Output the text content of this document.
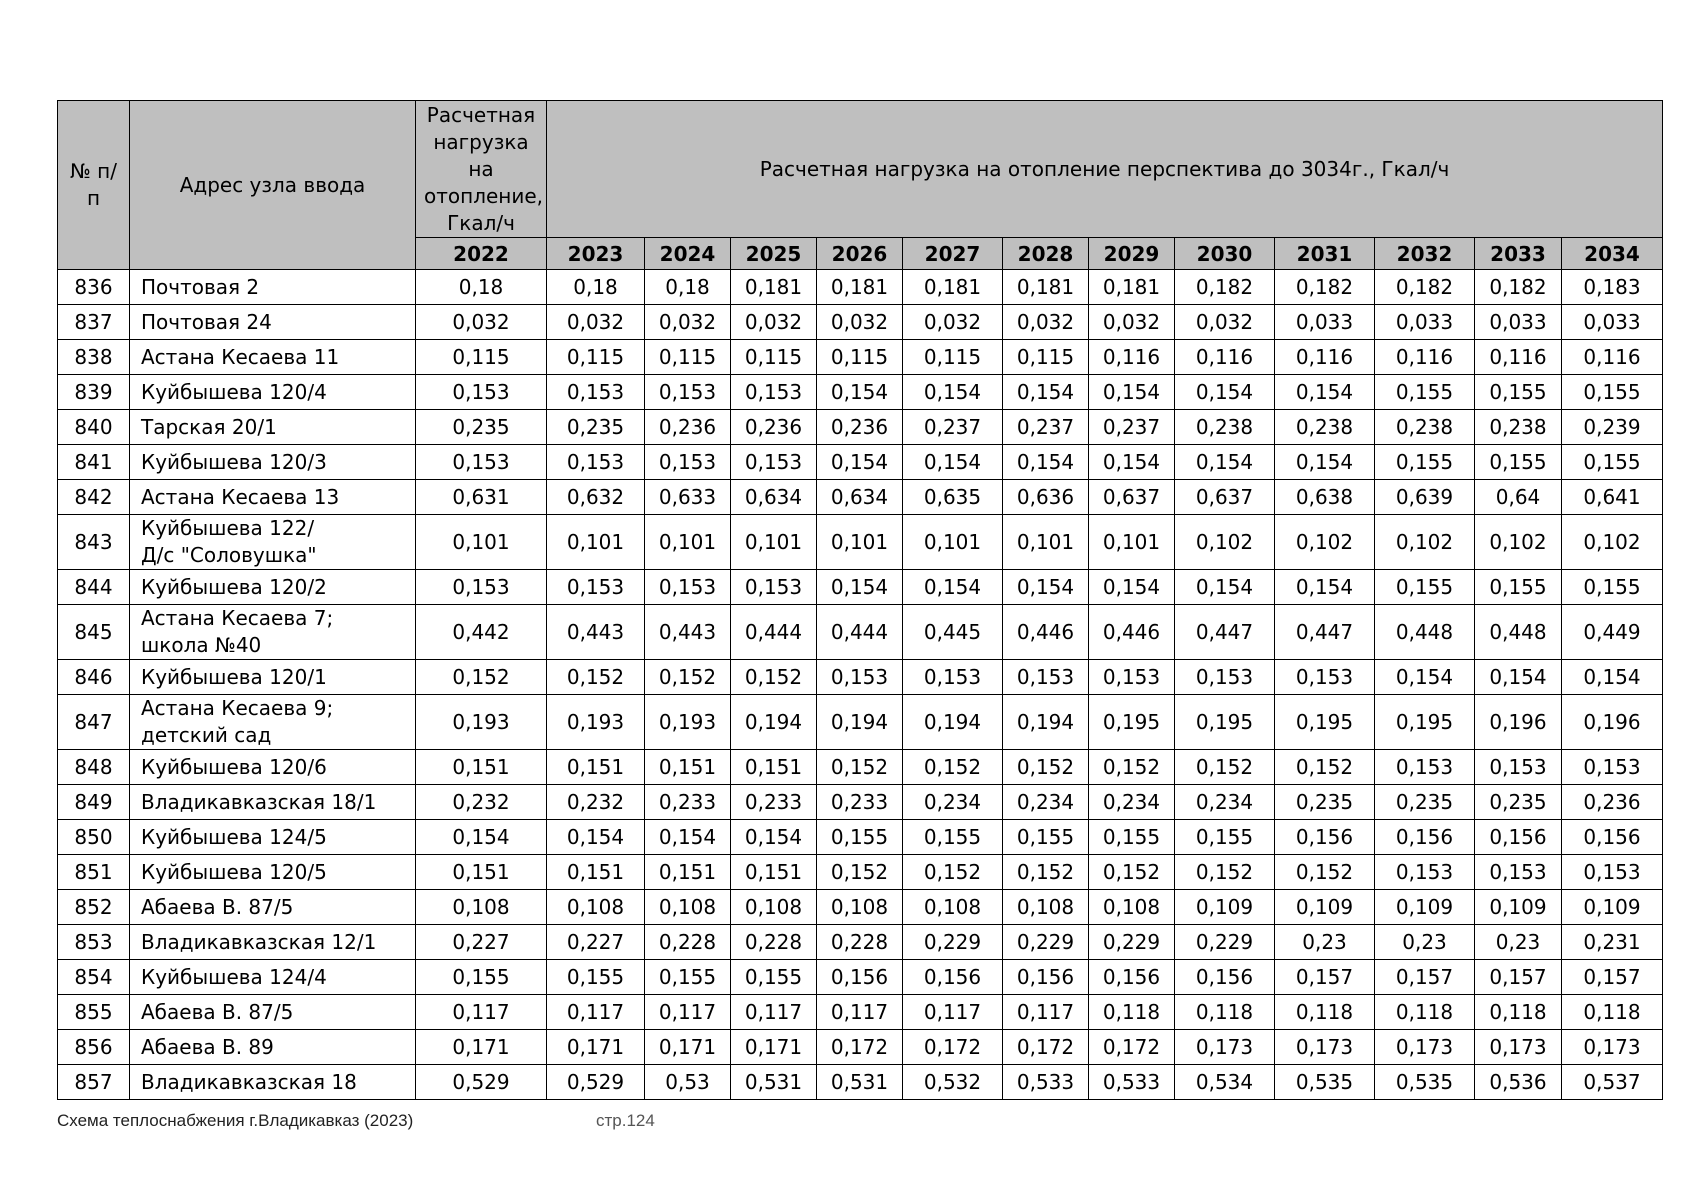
№ п/п	Адрес узла ввода	Расчетная нагрузка на отопление, Гкал/ч	Расчетная нагрузка на отопление перспектива до 3034г., Гкал/ч											
		2022	2023	2024	2025	2026	2027	2028	2029	2030	2031	2032	2033	2034
836	Почтовая 2	0,18	0,18	0,18	0,181	0,181	0,181	0,181	0,181	0,182	0,182	0,182	0,182	0,183
837	Почтовая 24	0,032	0,032	0,032	0,032	0,032	0,032	0,032	0,032	0,032	0,033	0,033	0,033	0,033
838	Астана Кесаева 11	0,115	0,115	0,115	0,115	0,115	0,115	0,115	0,116	0,116	0,116	0,116	0,116	0,116
839	Куйбышева 120/4	0,153	0,153	0,153	0,153	0,154	0,154	0,154	0,154	0,154	0,154	0,155	0,155	0,155
840	Тарская 20/1	0,235	0,235	0,236	0,236	0,236	0,237	0,237	0,237	0,238	0,238	0,238	0,238	0,239
841	Куйбышева 120/3	0,153	0,153	0,153	0,153	0,154	0,154	0,154	0,154	0,154	0,154	0,155	0,155	0,155
842	Астана Кесаева 13	0,631	0,632	0,633	0,634	0,634	0,635	0,636	0,637	0,637	0,638	0,639	0,64	0,641
843	Куйбышева 122/
Д/с "Соловушка"	0,101	0,101	0,101	0,101	0,101	0,101	0,101	0,101	0,102	0,102	0,102	0,102	0,102
844	Куйбышева 120/2	0,153	0,153	0,153	0,153	0,154	0,154	0,154	0,154	0,154	0,154	0,155	0,155	0,155
845	Астана Кесаева 7;
школа №40	0,442	0,443	0,443	0,444	0,444	0,445	0,446	0,446	0,447	0,447	0,448	0,448	0,449
846	Куйбышева 120/1	0,152	0,152	0,152	0,152	0,153	0,153	0,153	0,153	0,153	0,153	0,154	0,154	0,154
847	Астана Кесаева 9;
детский сад	0,193	0,193	0,193	0,194	0,194	0,194	0,194	0,195	0,195	0,195	0,195	0,196	0,196
848	Куйбышева 120/6	0,151	0,151	0,151	0,151	0,152	0,152	0,152	0,152	0,152	0,152	0,153	0,153	0,153
849	Владикавказская 18/1	0,232	0,232	0,233	0,233	0,233	0,234	0,234	0,234	0,234	0,235	0,235	0,235	0,236
850	Куйбышева 124/5	0,154	0,154	0,154	0,154	0,155	0,155	0,155	0,155	0,155	0,156	0,156	0,156	0,156
851	Куйбышева 120/5	0,151	0,151	0,151	0,151	0,152	0,152	0,152	0,152	0,152	0,152	0,153	0,153	0,153
852	Абаева В. 87/5	0,108	0,108	0,108	0,108	0,108	0,108	0,108	0,108	0,109	0,109	0,109	0,109	0,109
853	Владикавказская 12/1	0,227	0,227	0,228	0,228	0,228	0,229	0,229	0,229	0,229	0,23	0,23	0,23	0,231
854	Куйбышева 124/4	0,155	0,155	0,155	0,155	0,156	0,156	0,156	0,156	0,156	0,157	0,157	0,157	0,157
855	Абаева В. 87/5	0,117	0,117	0,117	0,117	0,117	0,117	0,117	0,118	0,118	0,118	0,118	0,118	0,118
856	Абаева В. 89	0,171	0,171	0,171	0,171	0,172	0,172	0,172	0,172	0,173	0,173	0,173	0,173	0,173
857	Владикавказская 18	0,529	0,529	0,53	0,531	0,531	0,532	0,533	0,533	0,534	0,535	0,535	0,536	0,537
Схема теплоснабжения г.Владикавказ (2023)	стр.124
